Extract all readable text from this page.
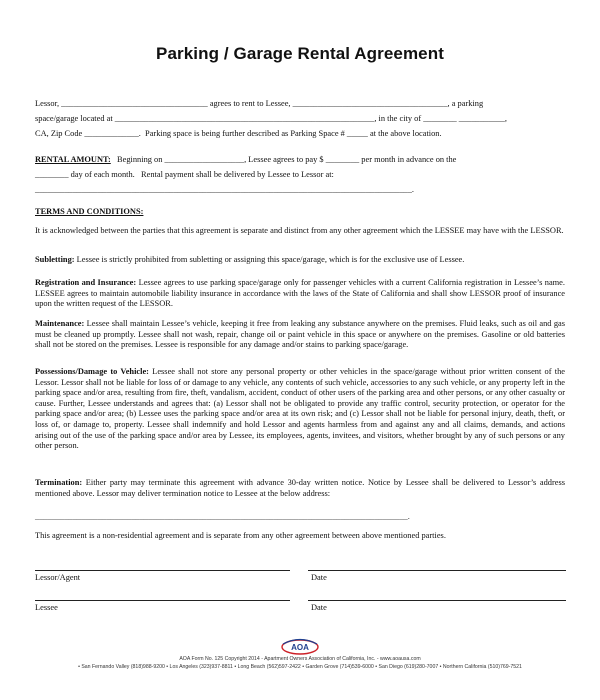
Parking / Garage Rental Agreement
Lessor, ___________________________________ agrees to rent to Lessee, _____________________________________, a parking
space/garage located at ______________________________________________________________, in the city of ________ ___________,
CA, Zip Code _____________.  Parking space is being further described as Parking Space # _____ at the above location.
RENTAL AMOUNT:   Beginning on ___________________, Lessee agrees to pay $ ________ per month in advance on the
________ day of each month.   Rental payment shall be delivered by Lessee to Lessor at:
__________________________________________________________________________________________.
TERMS AND CONDITIONS:
It is acknowledged between the parties that this agreement is separate and distinct from any other agreement which the LESSEE may have with the LESSOR.
Subletting: Lessee is strictly prohibited from subletting or assigning this space/garage, which is for the exclusive use of Lessee.
Registration and Insurance: Lessee agrees to use parking space/garage only for passenger vehicles with a current California registration in Lessee’s name. LESSEE agrees to maintain automobile liability insurance in accordance with the laws of the State of California and shall show LESSOR proof of insurance upon the written request of the LESSOR.
Maintenance: Lessee shall maintain Lessee’s vehicle, keeping it free from leaking any substance anywhere on the premises. Fluid leaks, such as oil and gas must be cleaned up promptly. Lessee shall not wash, repair, change oil or paint vehicle in this space or anywhere on the premises. Gasoline or old batteries shall not be stored on the premises. Lessee is responsible for any damage and/or stains to parking space/garage.
Possessions/Damage to Vehicle: Lessee shall not store any personal property or other vehicles in the space/garage without prior written consent of the Lessor. Lessor shall not be liable for loss of or damage to any vehicle, any contents of such vehicle, accessories to any such vehicle, or any property left in the parking space and/or area, resulting from fire, theft, vandalism, accident, conduct of other users of the parking area and other persons, or any other casualty or cause. Further, Lessee understands and agrees that: (a) Lessor shall not be obligated to provide any traffic control, security protection, or operator for the parking space and/or area; (b) Lessee uses the parking space and/or area at its own risk; and (c) Lessor shall not be liable for personal injury, death, theft, or loss of, or damage to, property. Lessee shall indemnify and hold Lessor and agents harmless from and against any and all claims, demands, and actions arising out of the use of the parking space and/or area by Lessee, its employees, agents, invitees, and visitors, whether brought by any of such persons or any other person.
Termination: Either party may terminate this agreement with advance 30-day written notice. Notice by Lessee shall be delivered to Lessor’s address mentioned above. Lessor may deliver termination notice to Lessee at the below address:
_________________________________________________________________________________________.
This agreement is a non-residential agreement and is separate from any other agreement between above mentioned parties.
Lessor/Agent	Date
Lessee	Date
AOA
AOA Form No. 125 Copyright 2014 - Apartment Owners Association of California, Inc. - www.aoausa.com
• San Fernando Valley (818)988-9200 • Los Angeles (323)937-8811 • Long Beach (562)597-2422 • Garden Grove (714)539-6000 • San Diego (619)280-7007 • Northern California (510)769-7521
